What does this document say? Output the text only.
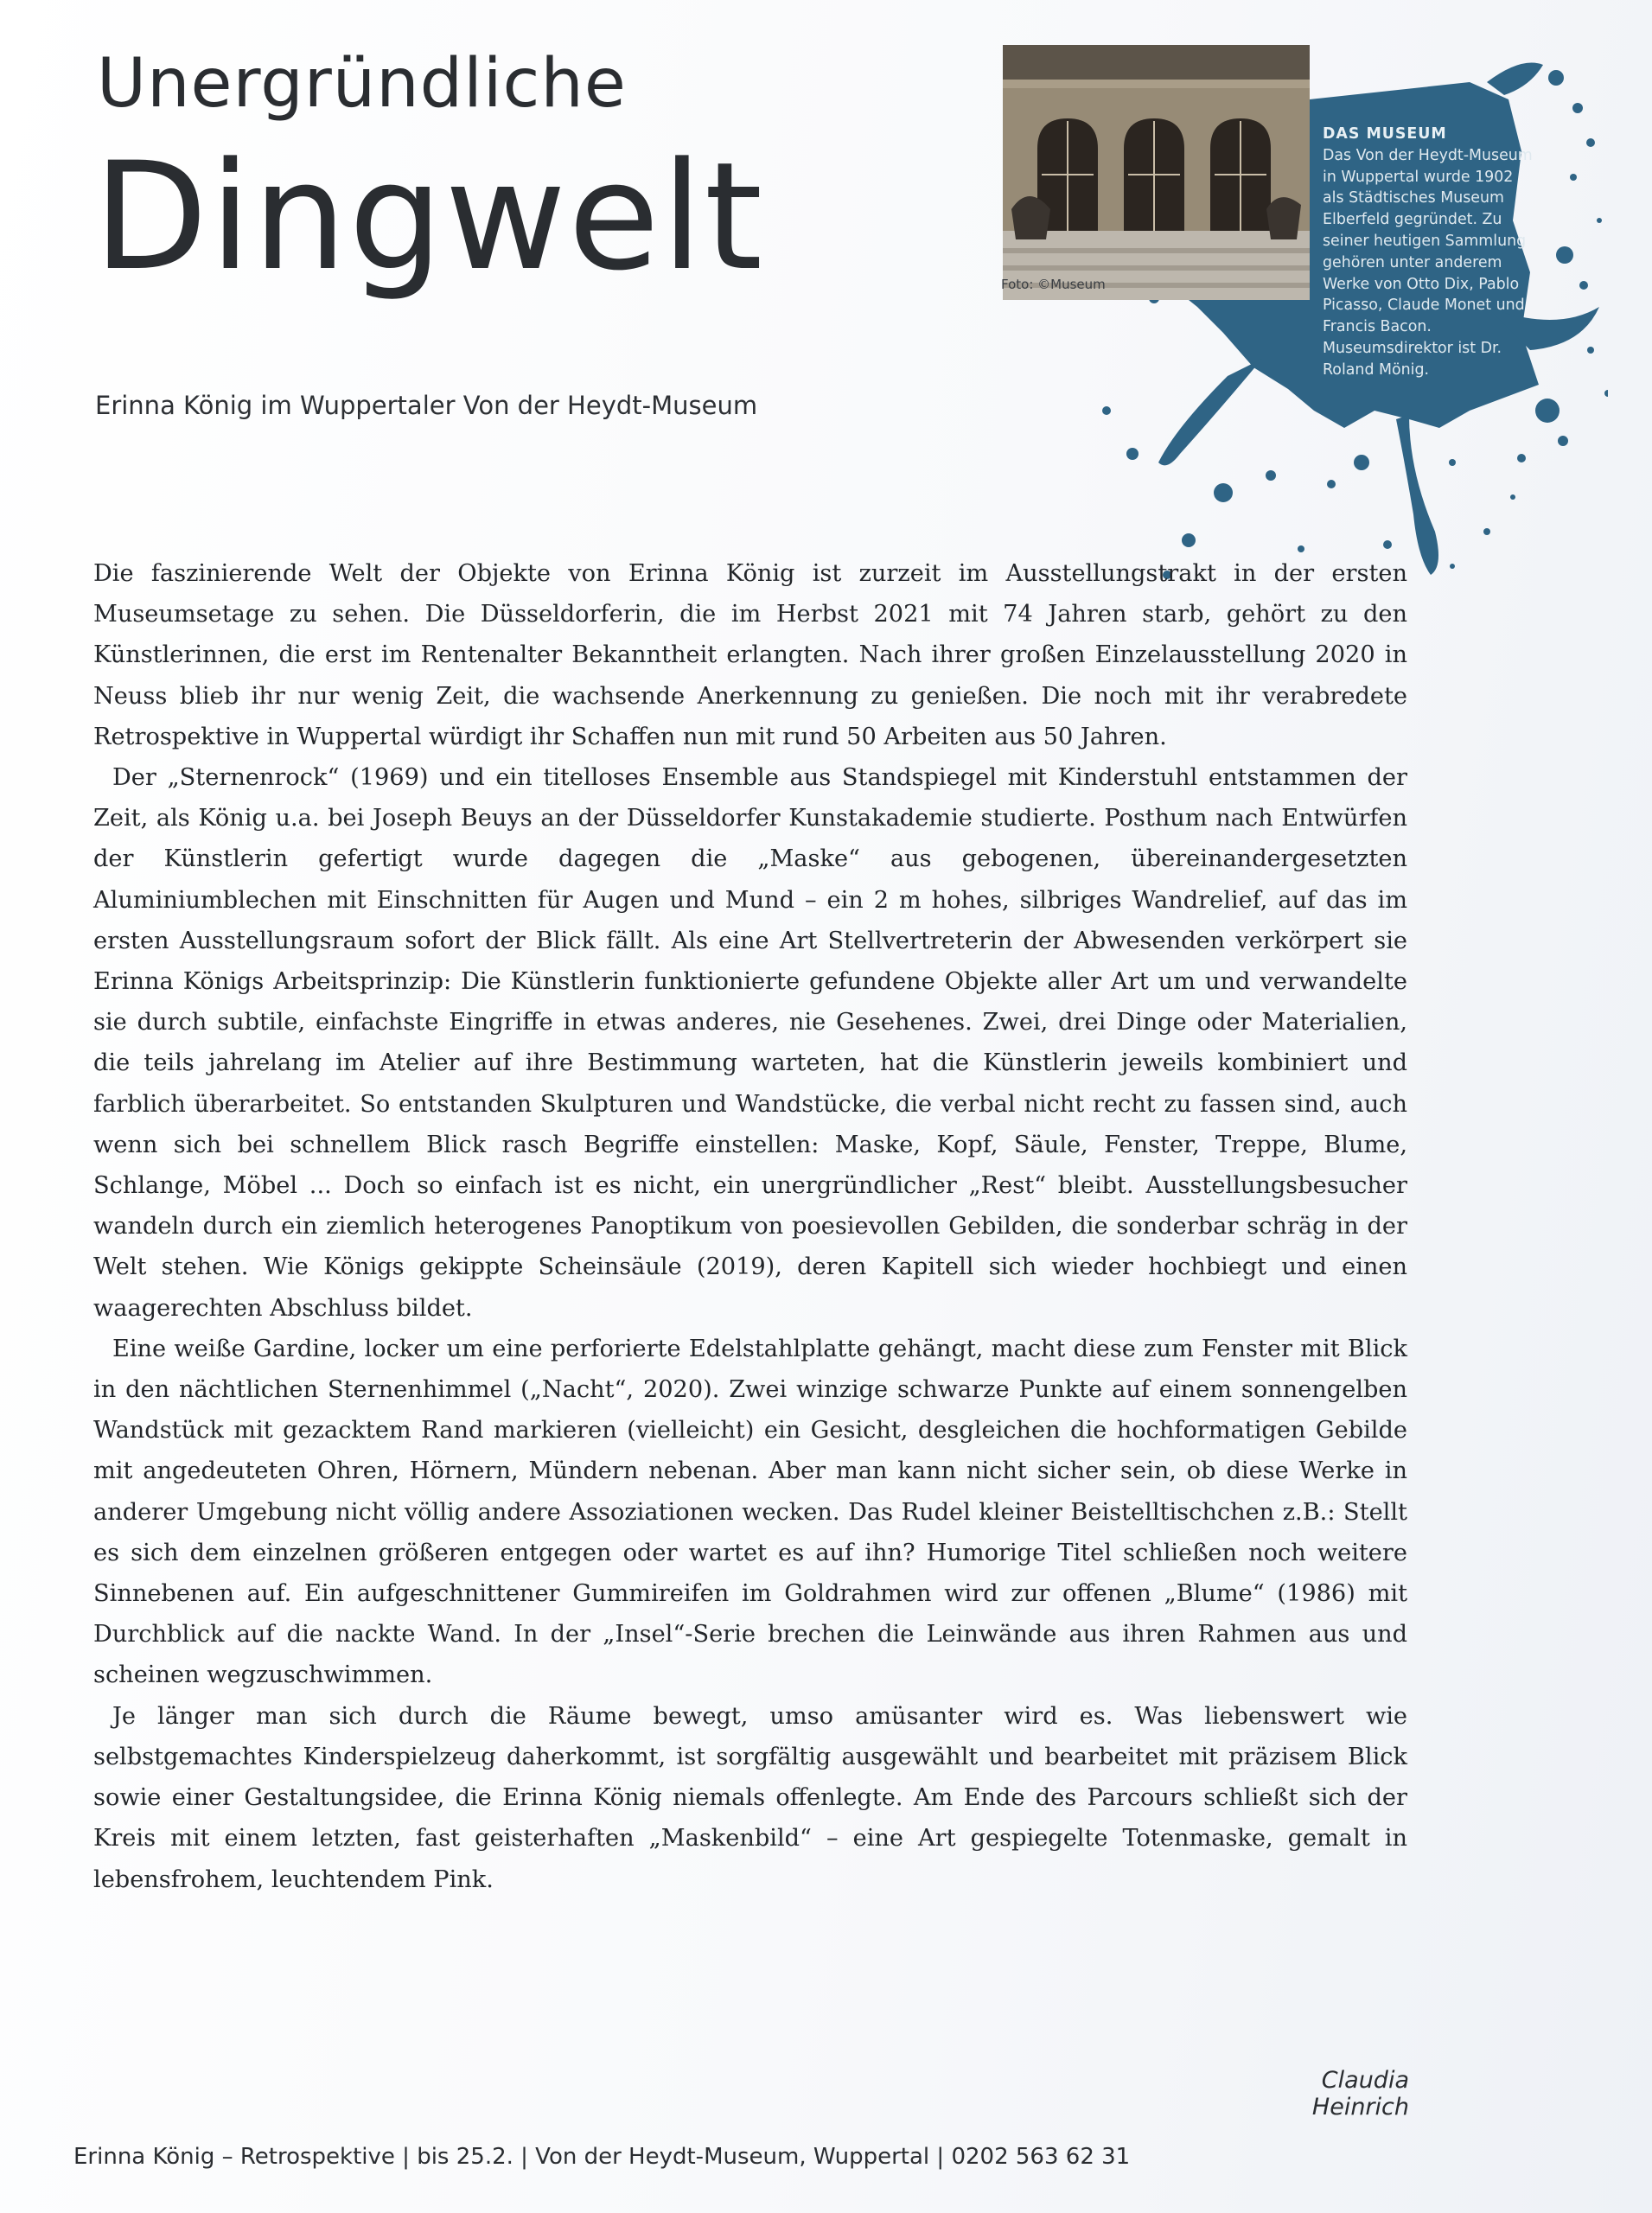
Unergründliche
Dingwelt
Erinna König im Wuppertaler Von der Heydt-Museum
Foto: ©Museum
DAS MUSEUM
Das Von der Heydt-Museum in Wuppertal wurde 1902 als Städtisches Museum Elberfeld gegründet. Zu seiner heutigen Sammlung gehören unter anderem Werke von Otto Dix, Pablo Picasso, Claude Monet und Francis Bacon. Museumsdirektor ist Dr. Roland Mönig.

Die faszinierende Welt der Objekte von Erinna König ist zurzeit im Ausstellungstrakt in der ersten Museumsetage zu sehen. Die Düsseldorferin, die im Herbst 2021 mit 74 Jahren starb, gehört zu den Künstlerinnen, die erst im Rentenalter Bekanntheit erlangten. Nach ihrer großen Einzelausstellung 2020 in Neuss blieb ihr nur wenig Zeit, die wachsende Anerkennung zu genießen. Die noch mit ihr verabredete Retrospektive in Wuppertal würdigt ihr Schaffen nun mit rund 50 Arbeiten aus 50 Jahren.

Der „Sternenrock“ (1969) und ein titelloses Ensemble aus Standspiegel mit Kinderstuhl entstammen der Zeit, als König u.a. bei Joseph Beuys an der Düsseldorfer Kunstakademie studierte. Posthum nach Entwürfen der Künstlerin gefertigt wurde dagegen die „Maske“ aus gebogenen, übereinandergesetzten Aluminiumblechen mit Einschnitten für Augen und Mund – ein 2 m hohes, silbriges Wandrelief, auf das im ersten Ausstellungsraum sofort der Blick fällt. Als eine Art Stellvertreterin der Abwesenden verkörpert sie Erinna Königs Arbeitsprinzip: Die Künstlerin funktionierte gefundene Objekte aller Art um und verwandelte sie durch subtile, einfachste Eingriffe in etwas anderes, nie Gesehenes. Zwei, drei Dinge oder Materialien, die teils jahrelang im Atelier auf ihre Bestimmung warteten, hat die Künstlerin jeweils kombiniert und farblich überarbeitet. So entstanden Skulpturen und Wandstücke, die verbal nicht recht zu fassen sind, auch wenn sich bei schnellem Blick rasch Begriffe einstellen: Maske, Kopf, Säule, Fenster, Treppe, Blume, Schlange, Möbel ... Doch so einfach ist es nicht, ein unergründlicher „Rest“ bleibt. Ausstellungsbesucher wandeln durch ein ziemlich heterogenes Panoptikum von poesievollen Gebilden, die sonderbar schräg in der Welt stehen. Wie Königs gekippte Scheinsäule (2019), deren Kapitell sich wieder hochbiegt und einen waagerechten Abschluss bildet.

Eine weiße Gardine, locker um eine perforierte Edelstahlplatte gehängt, macht diese zum Fenster mit Blick in den nächtlichen Sternenhimmel („Nacht“, 2020). Zwei winzige schwarze Punkte auf einem sonnengelben Wandstück mit gezacktem Rand markieren (vielleicht) ein Gesicht, desgleichen die hochformatigen Gebilde mit angedeuteten Ohren, Hörnern, Mündern nebenan. Aber man kann nicht sicher sein, ob diese Werke in anderer Umgebung nicht völlig andere Assoziationen wecken. Das Rudel kleiner Beistelltischchen z.B.: Stellt es sich dem einzelnen größeren entgegen oder wartet es auf ihn? Humorige Titel schließen noch weitere Sinnebenen auf. Ein aufgeschnittener Gummireifen im Goldrahmen wird zur offenen „Blume“ (1986) mit Durchblick auf die nackte Wand. In der „Insel“-Serie brechen die Leinwände aus ihren Rahmen aus und scheinen wegzuschwimmen.

Je länger man sich durch die Räume bewegt, umso amüsanter wird es. Was liebenswert wie selbstgemachtes Kinderspielzeug daherkommt, ist sorgfältig ausgewählt und bearbeitet mit präzisem Blick sowie einer Gestaltungsidee, die Erinna König niemals offenlegte. Am Ende des Parcours schließt sich der Kreis mit einem letzten, fast geisterhaften „Maskenbild“ – eine Art gespiegelte Totenmaske, gemalt in lebensfrohem, leuchtendem Pink.

Claudia Heinrich
Erinna König – Retrospektive | bis 25.2. | Von der Heydt-Museum, Wuppertal | 0202 563 62 31
